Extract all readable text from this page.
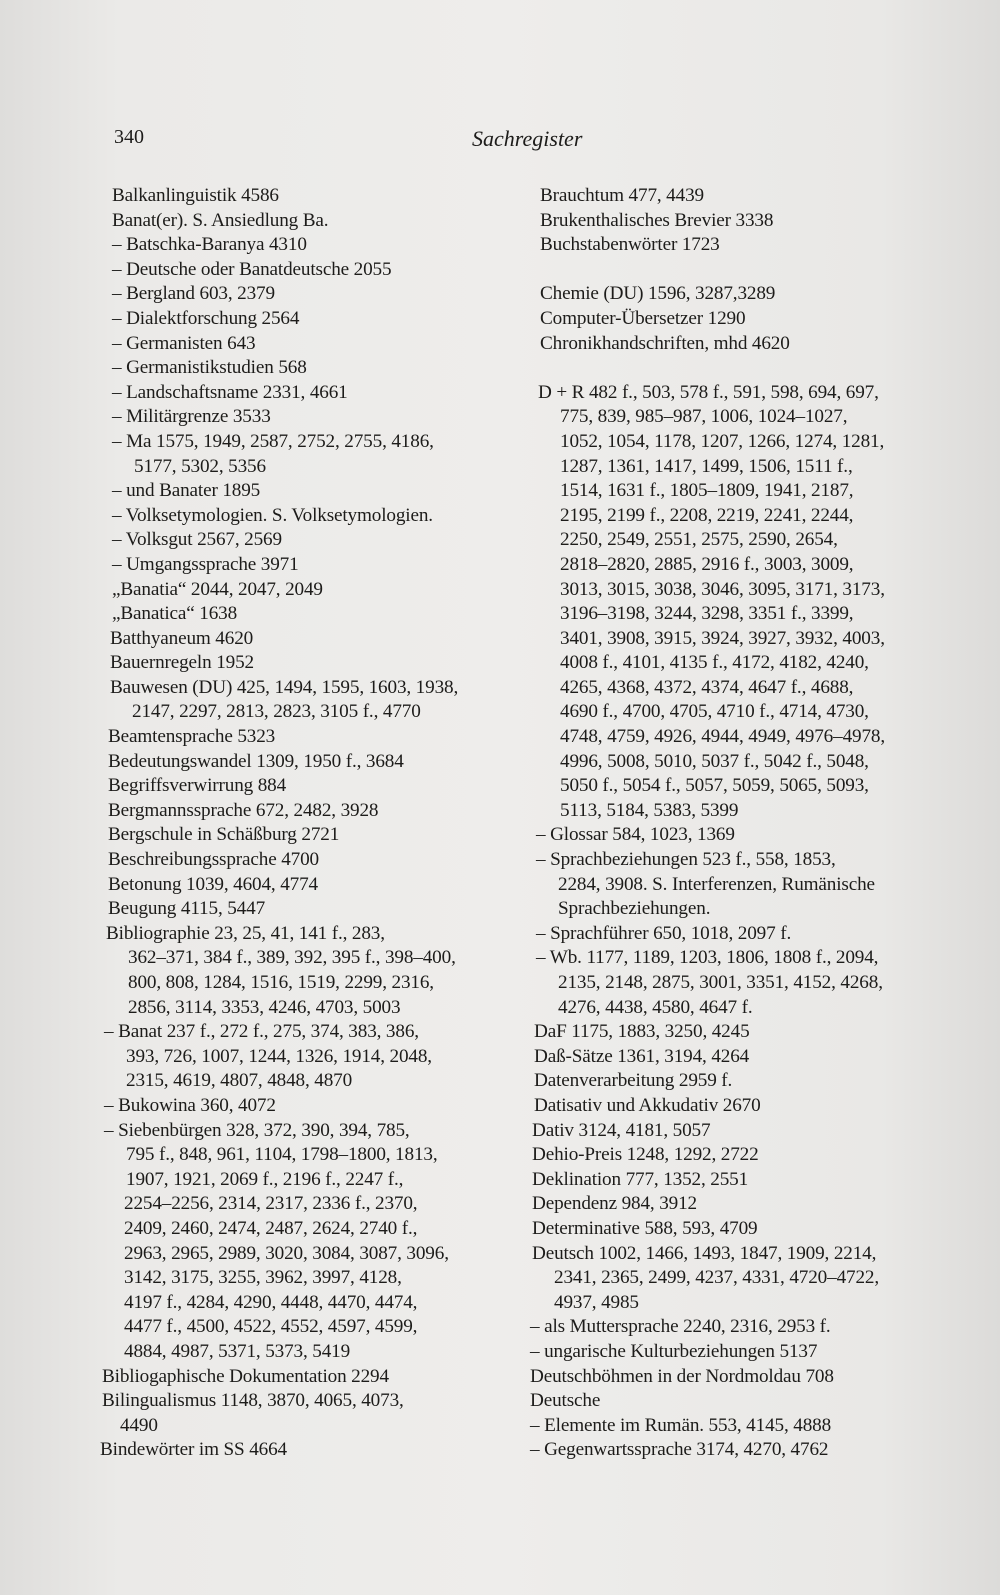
340	Sachregister
Balkanlinguistik 4586
Banat(er). S. Ansiedlung Ba.
– Batschka-Baranya 4310
– Deutsche oder Banatdeutsche 2055
– Bergland 603, 2379
– Dialektforschung 2564
– Germanisten 643
– Germanistikstudien 568
– Landschaftsname 2331, 4661
– Militärgrenze 3533
– Ma 1575, 1949, 2587, 2752, 2755, 4186,
5177, 5302, 5356
– und Banater 1895
– Volksetymologien. S. Volksetymologien.
– Volksgut 2567, 2569
– Umgangssprache 3971
„Banatia“ 2044, 2047, 2049
„Banatica“ 1638
Batthyaneum 4620
Bauernregeln 1952
Bauwesen (DU) 425, 1494, 1595, 1603, 1938,
2147, 2297, 2813, 2823, 3105 f., 4770
Beamtensprache 5323
Bedeutungswandel 1309, 1950 f., 3684
Begriffsverwirrung 884
Bergmannssprache 672, 2482, 3928
Bergschule in Schäßburg 2721
Beschreibungssprache 4700
Betonung 1039, 4604, 4774
Beugung 4115, 5447
Bibliographie 23, 25, 41, 141 f., 283,
362–371, 384 f., 389, 392, 395 f., 398–400,
800, 808, 1284, 1516, 1519, 2299, 2316,
2856, 3114, 3353, 4246, 4703, 5003
– Banat 237 f., 272 f., 275, 374, 383, 386,
393, 726, 1007, 1244, 1326, 1914, 2048,
2315, 4619, 4807, 4848, 4870
– Bukowina 360, 4072
– Siebenbürgen 328, 372, 390, 394, 785,
795 f., 848, 961, 1104, 1798–1800, 1813,
1907, 1921, 2069 f., 2196 f., 2247 f.,
2254–2256, 2314, 2317, 2336 f., 2370,
2409, 2460, 2474, 2487, 2624, 2740 f.,
2963, 2965, 2989, 3020, 3084, 3087, 3096,
3142, 3175, 3255, 3962, 3997, 4128,
4197 f., 4284, 4290, 4448, 4470, 4474,
4477 f., 4500, 4522, 4552, 4597, 4599,
4884, 4987, 5371, 5373, 5419
Bibliogaphische Dokumentation 2294
Bilingualismus 1148, 3870, 4065, 4073,
4490
Bindewörter im SS 4664
Brauchtum 477, 4439
Brukenthalisches Brevier 3338
Buchstabenwörter 1723
Chemie (DU) 1596, 3287,3289
Computer-Übersetzer 1290
Chronikhandschriften, mhd 4620
D + R 482 f., 503, 578 f., 591, 598, 694, 697,
775, 839, 985–987, 1006, 1024–1027,
1052, 1054, 1178, 1207, 1266, 1274, 1281,
1287, 1361, 1417, 1499, 1506, 1511 f.,
1514, 1631 f., 1805–1809, 1941, 2187,
2195, 2199 f., 2208, 2219, 2241, 2244,
2250, 2549, 2551, 2575, 2590, 2654,
2818–2820, 2885, 2916 f., 3003, 3009,
3013, 3015, 3038, 3046, 3095, 3171, 3173,
3196–3198, 3244, 3298, 3351 f., 3399,
3401, 3908, 3915, 3924, 3927, 3932, 4003,
4008 f., 4101, 4135 f., 4172, 4182, 4240,
4265, 4368, 4372, 4374, 4647 f., 4688,
4690 f., 4700, 4705, 4710 f., 4714, 4730,
4748, 4759, 4926, 4944, 4949, 4976–4978,
4996, 5008, 5010, 5037 f., 5042 f., 5048,
5050 f., 5054 f., 5057, 5059, 5065, 5093,
5113, 5184, 5383, 5399
– Glossar 584, 1023, 1369
– Sprachbeziehungen 523 f., 558, 1853,
2284, 3908. S. Interferenzen, Rumänische
Sprachbeziehungen.
– Sprachführer 650, 1018, 2097 f.
– Wb. 1177, 1189, 1203, 1806, 1808 f., 2094,
2135, 2148, 2875, 3001, 3351, 4152, 4268,
4276, 4438, 4580, 4647 f.
DaF 1175, 1883, 3250, 4245
Daß-Sätze 1361, 3194, 4264
Datenverarbeitung 2959 f.
Datisativ und Akkudativ 2670
Dativ 3124, 4181, 5057
Dehio-Preis 1248, 1292, 2722
Deklination 777, 1352, 2551
Dependenz 984, 3912
Determinative 588, 593, 4709
Deutsch 1002, 1466, 1493, 1847, 1909, 2214,
2341, 2365, 2499, 4237, 4331, 4720–4722,
4937, 4985
– als Muttersprache 2240, 2316, 2953 f.
– ungarische Kulturbeziehungen 5137
Deutschböhmen in der Nordmoldau 708
Deutsche
– Elemente im Rumän. 553, 4145, 4888
– Gegenwartssprache 3174, 4270, 4762
